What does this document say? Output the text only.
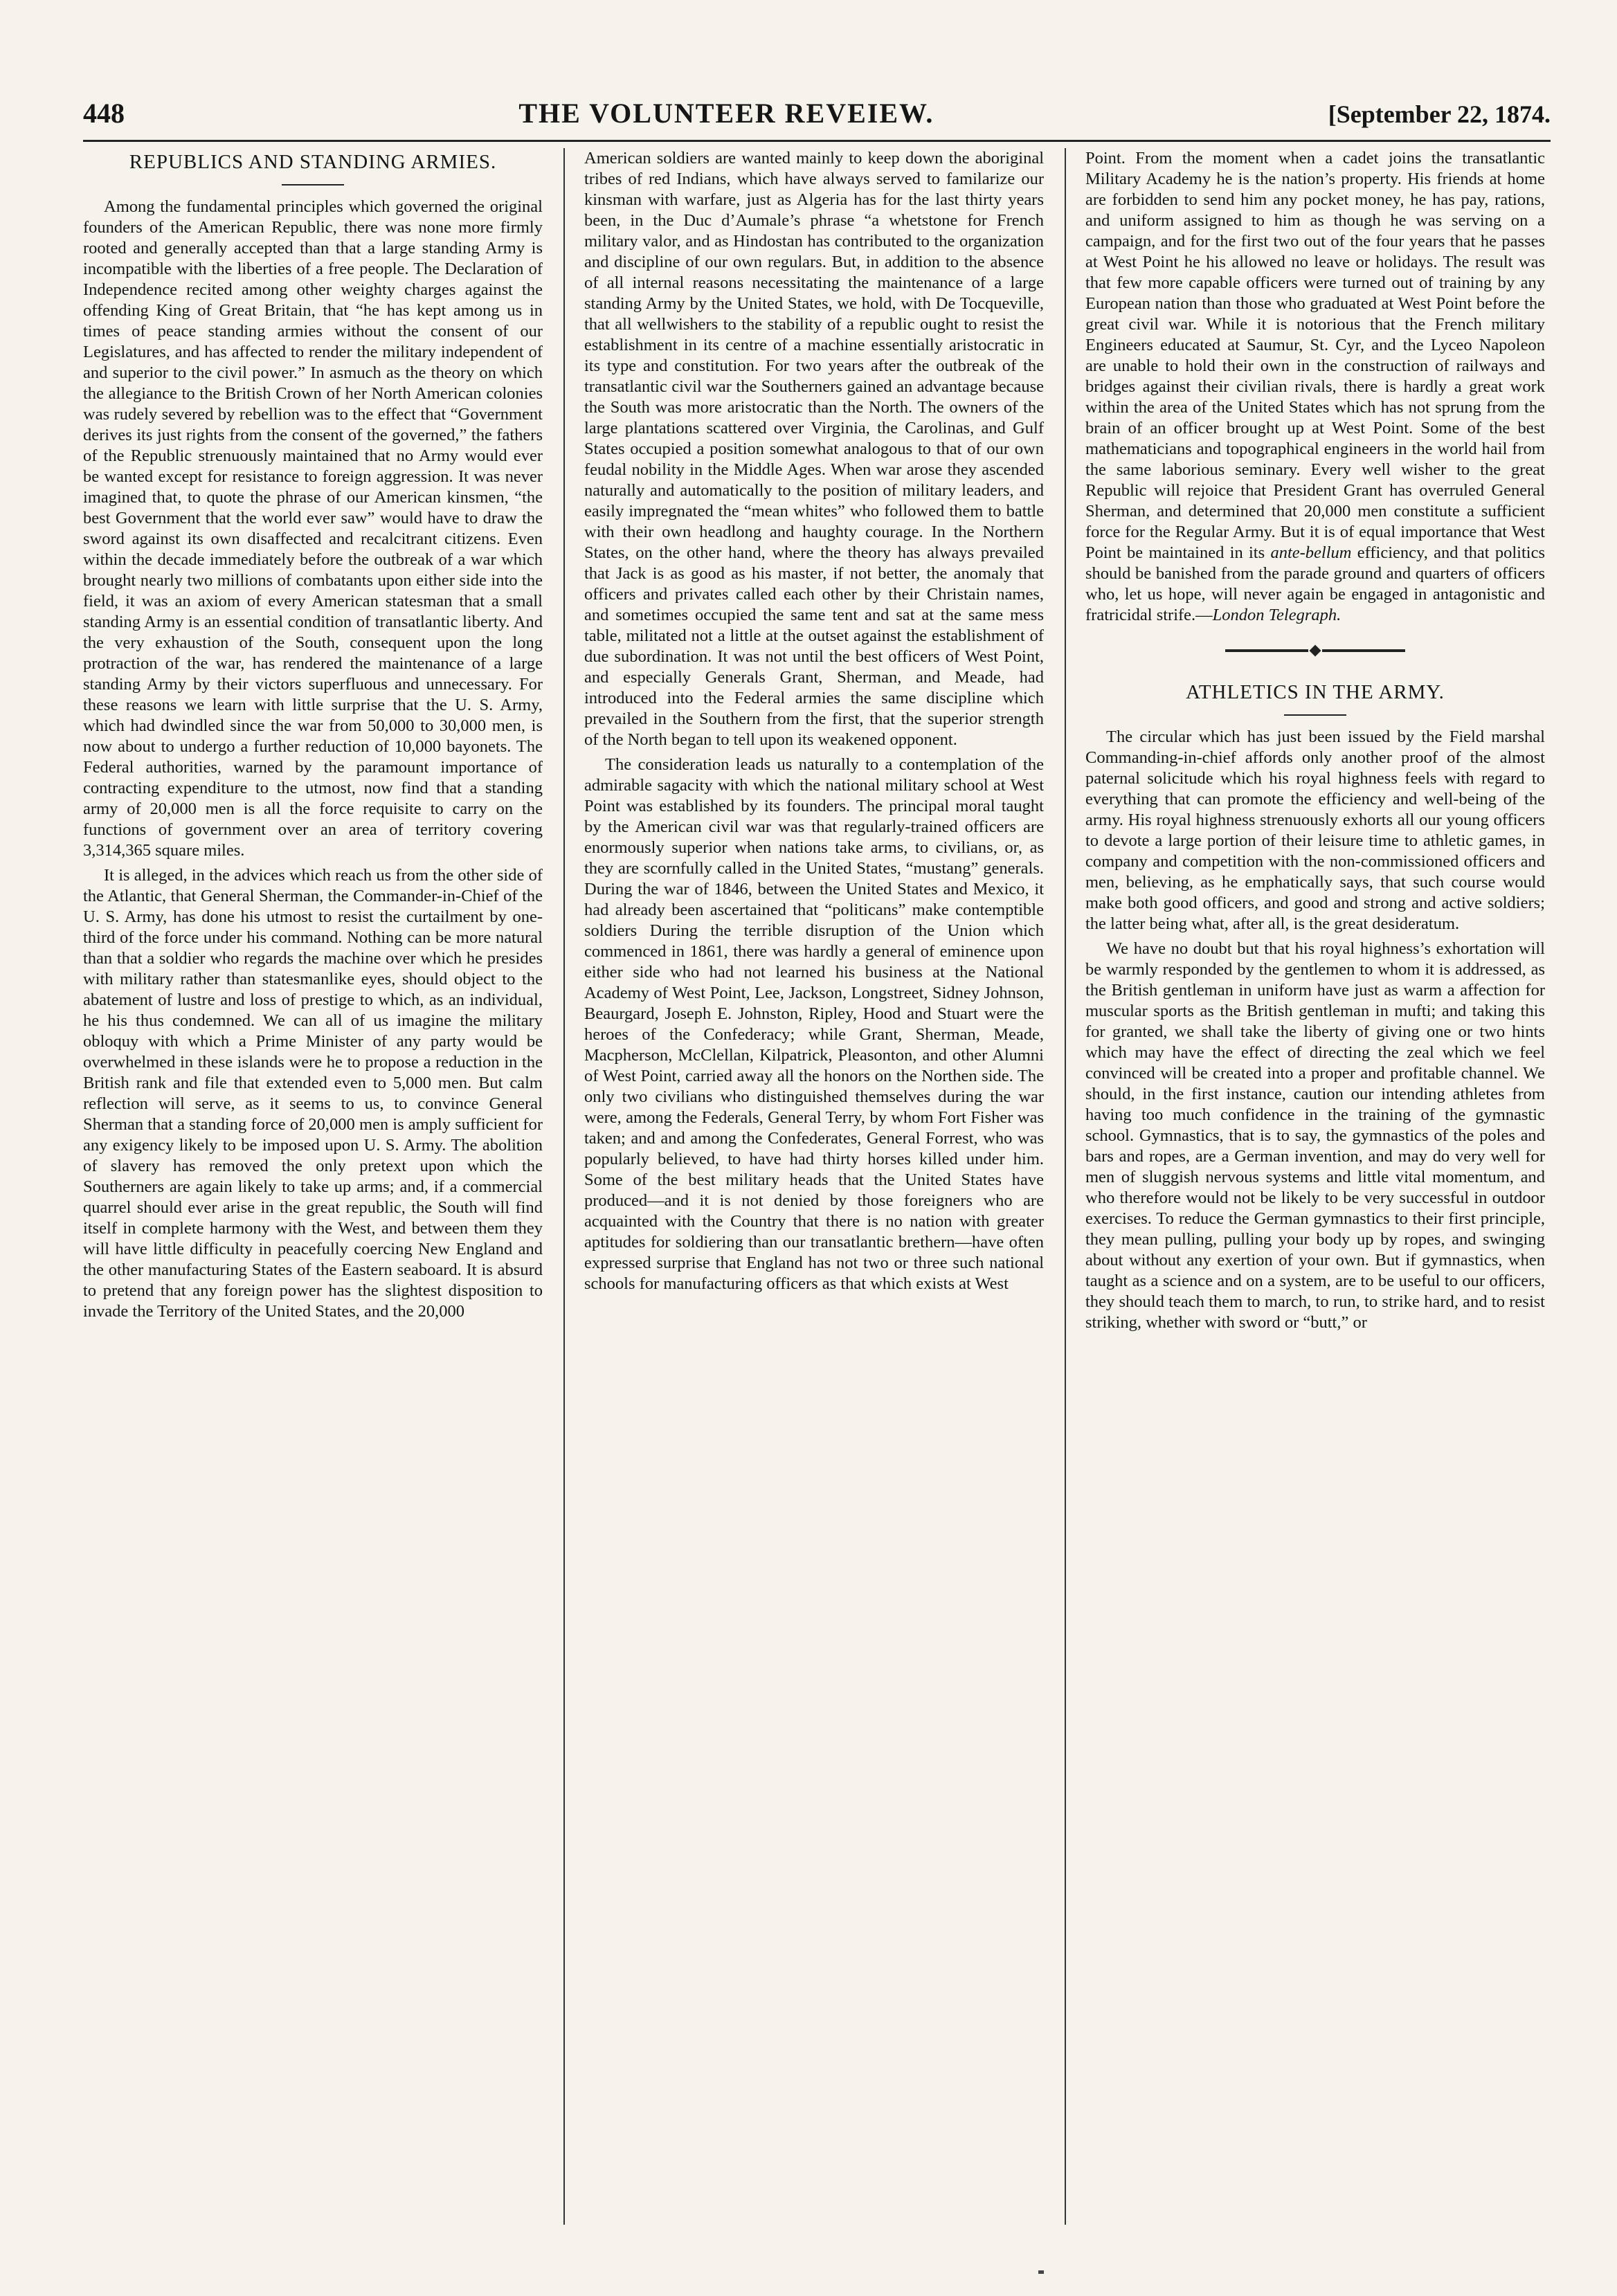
448	THE VOLUNTEER REVEIEW.	[September 22, 1874.
REPUBLICS AND STANDING ARMIES.

Among the fundamental principles which governed the original founders of the American Republic, there was none more firmly rooted and generally accepted than that a large standing Army is incompatible with the liberties of a free people. The Declaration of Independence recited among other weighty charges against the offending King of Great Britain, that “he has kept among us in times of peace standing armies without the consent of our Legislatures, and has affected to render the military independent of and superior to the civil power.” In asmuch as the theory on which the allegiance to the British Crown of her North American colonies was rudely severed by rebellion was to the effect that “Government derives its just rights from the consent of the governed,” the fathers of the Republic strenuously maintained that no Army would ever be wanted except for resistance to foreign aggression. It was never imagined that, to quote the phrase of our American kinsmen, “the best Government that the world ever saw” would have to draw the sword against its own disaffected and recalcitrant citizens. Even within the decade immediately before the outbreak of a war which brought nearly two millions of combatants upon either side into the field, it was an axiom of every American statesman that a small standing Army is an essential condition of transatlantic liberty. And the very exhaustion of the South, consequent upon the long protraction of the war, has rendered the maintenance of a large standing Army by their victors superfluous and unnecessary. For these reasons we learn with little surprise that the U. S. Army, which had dwindled since the war from 50,000 to 30,000 men, is now about to undergo a further reduction of 10,000 bayonets. The Federal authorities, warned by the paramount importance of contracting expenditure to the utmost, now find that a standing army of 20,000 men is all the force requisite to carry on the functions of government over an area of territory covering 3,314,365 square miles.

It is alleged, in the advices which reach us from the other side of the Atlantic, that General Sherman, the Commander-in-Chief of the U. S. Army, has done his utmost to resist the curtailment by one-third of the force under his command. Nothing can be more natural than that a soldier who regards the machine over which he presides with military rather than statesmanlike eyes, should object to the abatement of lustre and loss of prestige to which, as an individual, he his thus condemned. We can all of us imagine the military obloquy with which a Prime Minister of any party would be overwhelmed in these islands were he to propose a reduction in the British rank and file that extended even to 5,000 men. But calm reflection will serve, as it seems to us, to convince General Sherman that a standing force of 20,000 men is amply sufficient for any exigency likely to be imposed upon U. S. Army. The abolition of slavery has removed the only pretext upon which the Southerners are again likely to take up arms; and, if a commercial quarrel should ever arise in the great republic, the South will find itself in complete harmony with the West, and between them they will have little difficulty in peacefully coercing New England and the other manufacturing States of the Eastern seaboard. It is absurd to pretend that any foreign power has the slightest disposition to invade the Territory of the United States, and the 20,000

American soldiers are wanted mainly to keep down the aboriginal tribes of red Indians, which have always served to familarize our kinsman with warfare, just as Algeria has for the last thirty years been, in the Duc d’Aumale’s phrase “a whetstone for French military valor, and as Hindostan has contributed to the organization and discipline of our own regulars. But, in addition to the absence of all internal reasons necessitating the maintenance of a large standing Army by the United States, we hold, with De Tocqueville, that all wellwishers to the stability of a republic ought to resist the establishment in its centre of a machine essentially aristocratic in its type and constitution. For two years after the outbreak of the transatlantic civil war the Southerners gained an advantage because the South was more aristocratic than the North. The owners of the large plantations scattered over Virginia, the Carolinas, and Gulf States occupied a position somewhat analogous to that of our own feudal nobility in the Middle Ages. When war arose they ascended naturally and automatically to the position of military leaders, and easily impregnated the “mean whites” who followed them to battle with their own headlong and haughty courage. In the Northern States, on the other hand, where the theory has always prevailed that Jack is as good as his master, if not better, the anomaly that officers and privates called each other by their Christain names, and sometimes occupied the same tent and sat at the same mess table, militated not a little at the outset against the establishment of due subordination. It was not until the best officers of West Point, and especially Generals Grant, Sherman, and Meade, had introduced into the Federal armies the same discipline which prevailed in the Southern from the first, that the superior strength of the North began to tell upon its weakened opponent.

The consideration leads us naturally to a contemplation of the admirable sagacity with which the national military school at West Point was established by its founders. The principal moral taught by the American civil war was that regularly-trained officers are enormously superior when nations take arms, to civilians, or, as they are scornfully called in the United States, “mustang” generals. During the war of 1846, between the United States and Mexico, it had already been ascertained that “politicans” make contemptible soldiers During the terrible disruption of the Union which commenced in 1861, there was hardly a general of eminence upon either side who had not learned his business at the National Academy of West Point, Lee, Jackson, Longstreet, Sidney Johnson, Beaurgard, Joseph E. Johnston, Ripley, Hood and Stuart were the heroes of the Confederacy; while Grant, Sherman, Meade, Macpherson, McClellan, Kilpatrick, Pleasonton, and other Alumni of West Point, carried away all the honors on the Northen side. The only two civilians who distinguished themselves during the war were, among the Federals, General Terry, by whom Fort Fisher was taken; and and among the Confederates, General Forrest, who was popularly believed, to have had thirty horses killed under him. Some of the best military heads that the United States have produced—and it is not denied by those foreigners who are acquainted with the Country that there is no nation with greater aptitudes for soldiering than our transatlantic brethern—have often expressed surprise that England has not two or three such national schools for manufacturing officers as that which exists at West

Point. From the moment when a cadet joins the transatlantic Military Academy he is the nation’s property. His friends at home are forbidden to send him any pocket money, he has pay, rations, and uniform assigned to him as though he was serving on a campaign, and for the first two out of the four years that he passes at West Point he his allowed no leave or holidays. The result was that few more capable officers were turned out of training by any European nation than those who graduated at West Point before the great civil war. While it is notorious that the French military Engineers educated at Saumur, St. Cyr, and the Lyceo Napoleon are unable to hold their own in the construction of railways and bridges against their civilian rivals, there is hardly a great work within the area of the United States which has not sprung from the brain of an officer brought up at West Point. Some of the best mathematicians and topographical engineers in the world hail from the same laborious seminary. Every well wisher to the great Republic will rejoice that President Grant has overruled General Sherman, and determined that 20,000 men constitute a sufficient force for the Regular Army. But it is of equal importance that West Point be maintained in its ante-bellum efficiency, and that politics should be banished from the parade ground and quarters of officers who, let us hope, will never again be engaged in antagonistic and fratricidal strife.—London Telegraph.

ATHLETICS IN THE ARMY.

The circular which has just been issued by the Field marshal Commanding-in-chief affords only another proof of the almost paternal solicitude which his royal highness feels with regard to everything that can promote the efficiency and well-being of the army. His royal highness strenuously exhorts all our young officers to devote a large portion of their leisure time to athletic games, in company and competition with the non-commissioned officers and men, believing, as he emphatically says, that such course would make both good officers, and good and strong and active soldiers; the latter being what, after all, is the great desideratum.

We have no doubt but that his royal highness’s exhortation will be warmly responded by the gentlemen to whom it is addressed, as the British gentleman in uniform have just as warm a affection for muscular sports as the British gentleman in mufti; and taking this for granted, we shall take the liberty of giving one or two hints which may have the effect of directing the zeal which we feel convinced will be created into a proper and profitable channel. We should, in the first instance, caution our intending athletes from having too much confidence in the training of the gymnastic school. Gymnastics, that is to say, the gymnastics of the poles and bars and ropes, are a German invention, and may do very well for men of sluggish nervous systems and little vital momentum, and who therefore would not be likely to be very successful in outdoor exercises. To reduce the German gymnastics to their first principle, they mean pulling, pulling your body up by ropes, and swinging about without any exertion of your own. But if gymnastics, when taught as a science and on a system, are to be useful to our officers, they should teach them to march, to run, to strike hard, and to resist striking, whether with sword or “butt,” or
